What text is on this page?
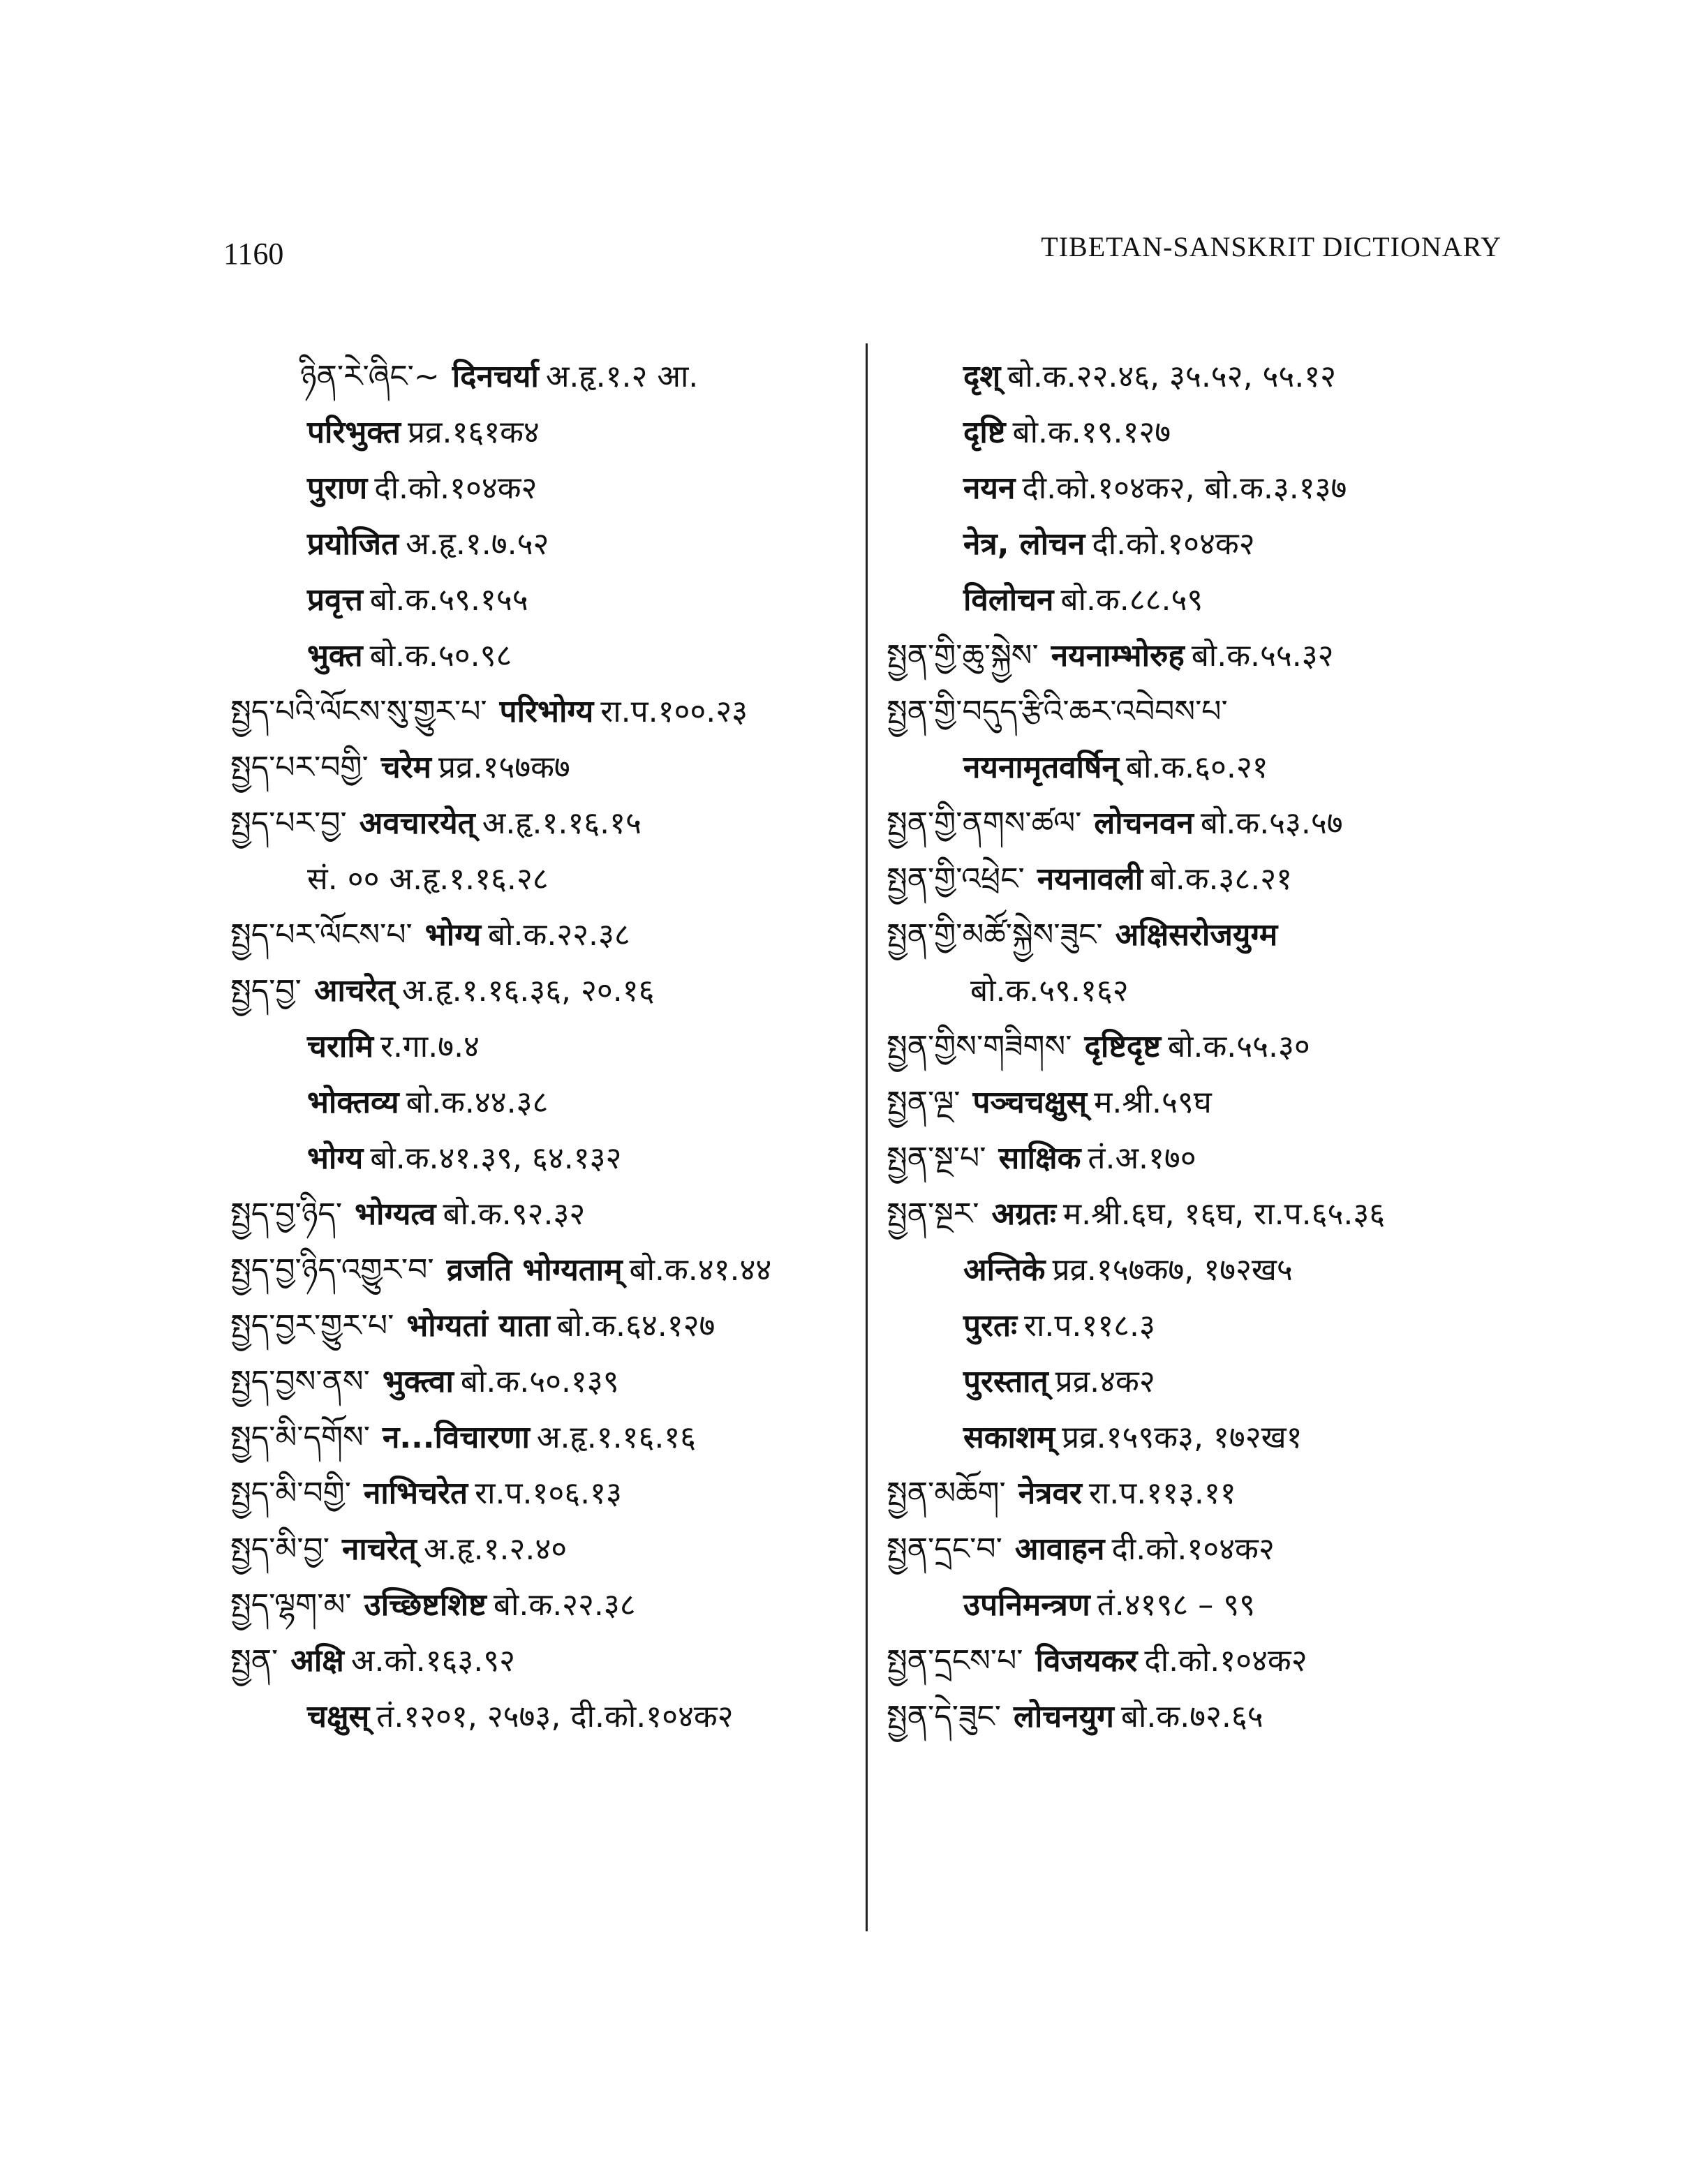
1160	TIBETAN-SANSKRIT DICTIONARY
ཉིན་རེ་ཞིང་~ दिनचर्या अ.हृ.१.२ आ.
परिभुक्त प्रव्र.१६१क४
पुराण दी.को.१०४क२
प्रयोजित अ.हृ.१.७.५२
प्रवृत्त बो.क.५९.१५५
भुक्त बो.क.५०.९८
སྤྱད་པའི་ལོངས་སུ་གྱུར་པ་ परिभोग्य रा.प.१००.२३
སྤྱད་པར་བགྱི་ चरेम प्रव्र.१५७क७
སྤྱད་པར་བྱ་ अवचारयेत् अ.हृ.१.१६.१५
सं. ०० अ.हृ.१.१६.२८
སྤྱད་པར་ལོངས་པ་ भोग्य बो.क.२२.३८
སྤྱད་བྱ་ आचरेत् अ.हृ.१.१६.३६, २०.१६
चरामि र.गा.७.४
भोक्तव्य बो.क.४४.३८
भोग्य बो.क.४१.३९, ६४.१३२
སྤྱད་བྱ་ཉིད་ भोग्यत्व बो.क.९२.३२
སྤྱད་བྱ་ཉིད་འགྱུར་བ་ व्रजति भोग्यताम् बो.क.४१.४४
སྤྱད་བྱར་གྱུར་པ་ भोग्यतां याता बो.क.६४.१२७
སྤྱད་བྱས་ནས་ भुक्त्वा बो.क.५०.१३९
སྤྱད་མི་དགོས་ न...विचारणा अ.हृ.१.१६.१६
སྤྱད་མི་བགྱི་ नाभिचरेत रा.प.१०६.१३
སྤྱད་མི་བྱ་ नाचरेत् अ.हृ.१.२.४०
སྤྱད་ལྷག་མ་ उच्छिष्टशिष्ट बो.क.२२.३८
སྤྱན་ अक्षि अ.को.१६३.९२
चक्षुस् तं.१२०१, २५७३, दी.को.१०४क२
दृश् बो.क.२२.४६, ३५.५२, ५५.१२
दृष्टि बो.क.१९.१२७
नयन दी.को.१०४क२, बो.क.३.१३७
नेत्र, लोचन दी.को.१०४क२
विलोचन बो.क.८८.५९
སྤྱན་གྱི་ཆུ་སྐྱེས་ नयनाम्भोरुह बो.क.५५.३२
སྤྱན་གྱི་བདུད་རྩིའི་ཆར་འབེབས་པ་
नयनामृतवर्षिन् बो.क.६०.२१
སྤྱན་གྱི་ནགས་ཚལ་ लोचनवन बो.क.५३.५७
སྤྱན་གྱི་འཕྲེང་ नयनावली बो.क.३८.२१
སྤྱན་གྱི་མཚོ་སྐྱེས་ཟུང་ अक्षिसरोजयुग्म
बो.क.५९.१६२
སྤྱན་གྱིས་གཟིགས་ दृष्टिदृष्ट बो.क.५५.३०
སྤྱན་ལྔ་ पञ्चचक्षुस् म.श्री.५९घ
སྤྱན་སྔ་པ་ साक्षिक तं.अ.१७०
སྤྱན་སྔར་ अग्रतः म.श्री.६घ, १६घ, रा.प.६५.३६
अन्तिके प्रव्र.१५७क७, १७२ख५
पुरतः रा.प.११८.३
पुरस्तात् प्रव्र.४क२
सकाशम् प्रव्र.१५९क३, १७२ख१
སྤྱན་མཆོག་ नेत्रवर रा.प.११३.११
སྤྱན་དྲང་བ་ आवाहन दी.को.१०४क२
उपनिमन्त्रण तं.४१९८ – ९९
སྤྱན་དྲངས་པ་ विजयकर दी.को.१०४क२
སྤྱན་དེ་ཟུང་ लोचनयुग बो.क.७२.६५
